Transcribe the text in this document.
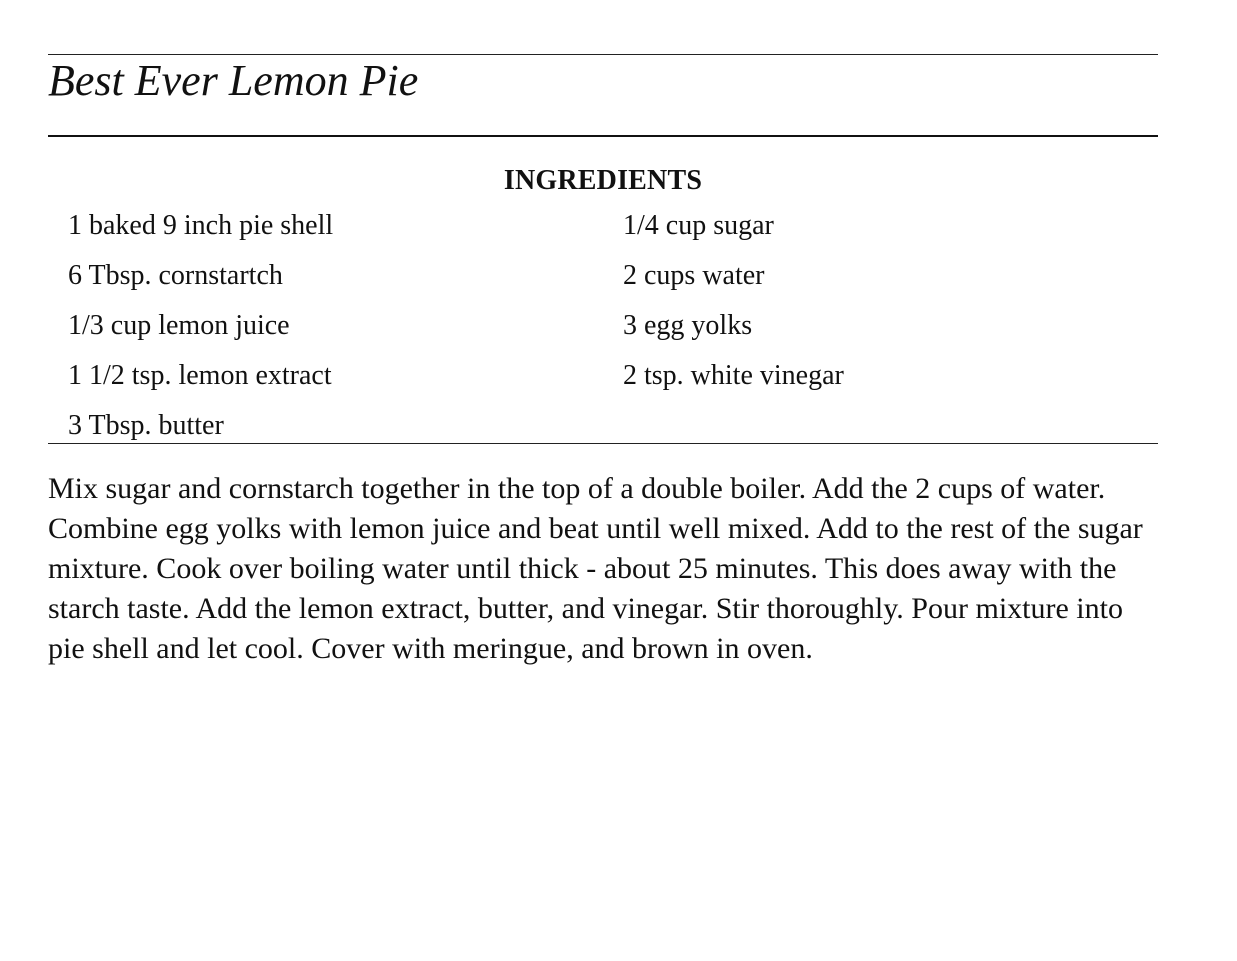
Best Ever Lemon Pie
INGREDIENTS
1 baked 9 inch pie shell	1/4 cup sugar
6 Tbsp. cornstartch	2 cups water
1/3 cup lemon juice	3 egg yolks
1 1/2 tsp. lemon extract	2 tsp. white vinegar
3 Tbsp. butter

Mix sugar and cornstarch together in the top of a double boiler. Add the 2 cups of water. Combine egg yolks with lemon juice and beat until well mixed. Add to the rest of the sugar mixture. Cook over boiling water until thick - about 25 minutes. This does away with the starch taste. Add the lemon extract, butter, and vinegar. Stir thoroughly. Pour mixture into pie shell and let cool. Cover with meringue, and brown in oven.
